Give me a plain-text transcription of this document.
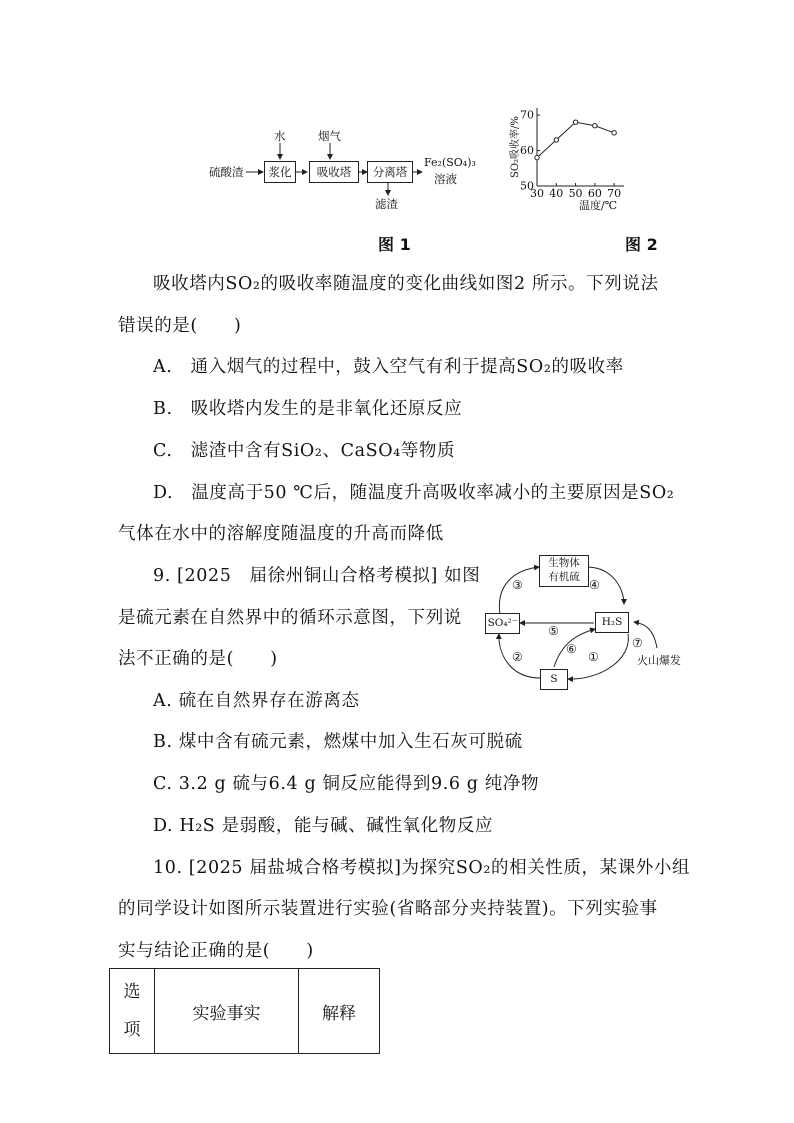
硫酸渣
水	烟气
浆化	吸收塔	分离塔
Fe₂(SO₄)₃
溶液
滤渣
图 1
SO₂吸收率/%
30 40 50 60 70
50
60
70
温度/℃
图 2
吸收塔内SO₂的吸收率随温度的变化曲线如图2 所示。下列说法
错误的是(　　)
A.　通入烟气的过程中，鼓入空气有利于提高SO₂的吸收率
B.　吸收塔内发生的是非氧化还原反应
C.　滤渣中含有SiO₂、CaSO₄等物质
D.　温度高于50 ℃后，随温度升高吸收率减小的主要原因是SO₂
气体在水中的溶解度随温度的升高而降低
9. [2025　届徐州铜山合格考模拟] 如图
是硫元素在自然界中的循环示意图，下列说
法不正确的是(　　)
生物体
有机硫
SO₄²⁻	H₂S
S
③	④
⑤
②
⑥
①
⑦
火山爆发
A. 硫在自然界存在游离态
B. 煤中含有硫元素，燃煤中加入生石灰可脱硫
C. 3.2 g 硫与6.4 g 铜反应能得到9.6 g 纯净物
D. H₂S 是弱酸，能与碱、碱性氧化物反应
10. [2025 届盐城合格考模拟]为探究SO₂的相关性质，某课外小组
的同学设计如图所示装置进行实验(省略部分夹持装置)。下列实验事
实与结论正确的是(　　)
选
项
	实验事实	解释
